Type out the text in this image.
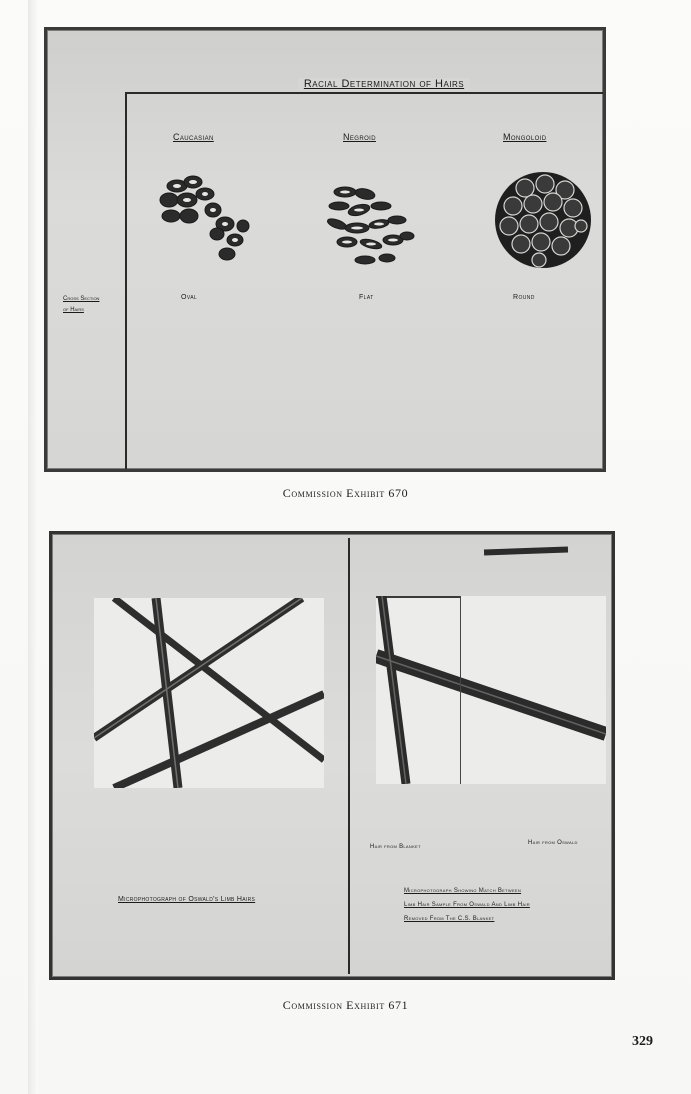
Racial Determination of Hairs
Caucasian	Negroid	Mongoloid
Oval	Flat	Round
Cross Section
of Hairs
Commission Exhibit 670
Hair from Blanket
Hair from Oswald
Microphotograph of Oswald's Limb Hairs
Microphotograph Showing Match Between
Limb Hair Sample From Oswald And Limb Hair
Removed From The C.S. Blanket
Commission Exhibit 671
329
